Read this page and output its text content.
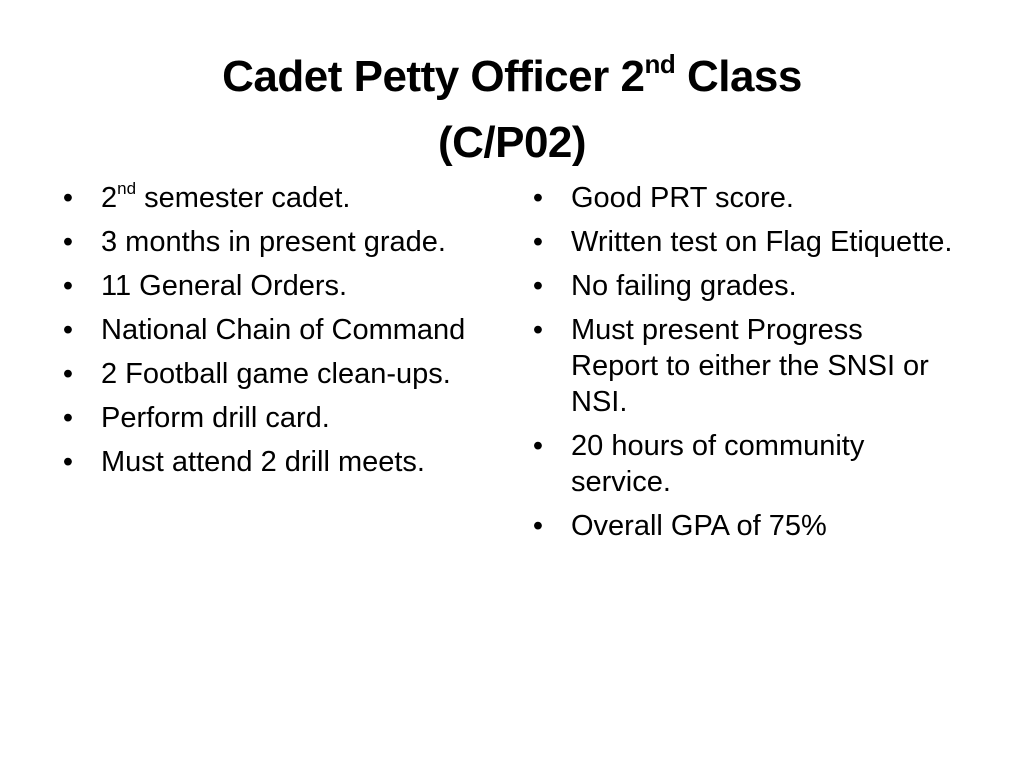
Cadet Petty Officer 2nd Class
(C/P02)
• 2nd semester cadet.
• 3 months in present grade.
• 11 General Orders.
• National Chain of Command
• 2 Football game clean-ups.
• Perform drill card.
• Must attend 2 drill meets.
• Good PRT score.
• Written test on Flag Etiquette.
• No failing grades.
• Must present Progress Report to either the SNSI or NSI.
• 20 hours of community service.
• Overall GPA of 75%
